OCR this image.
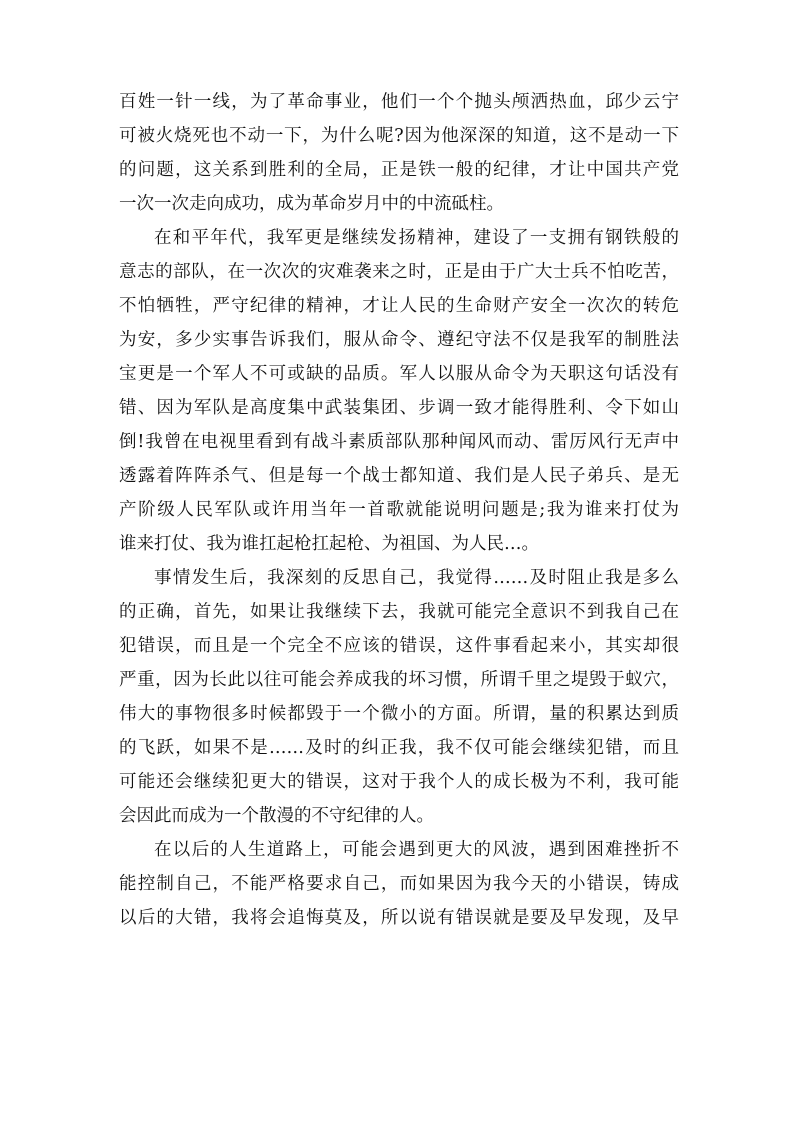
百姓一针一线，为了革命事业，他们一个个抛头颅洒热血，邱少云宁
可被火烧死也不动一下，为什么呢?因为他深深的知道，这不是动一下
的问题，这关系到胜利的全局，正是铁一般的纪律，才让中国共产党
一次一次走向成功，成为革命岁月中的中流砥柱。
在和平年代，我军更是继续发扬精神，建设了一支拥有钢铁般的
意志的部队，在一次次的灾难袭来之时，正是由于广大士兵不怕吃苦，
不怕牺牲，严守纪律的精神，才让人民的生命财产安全一次次的转危
为安，多少实事告诉我们，服从命令、遵纪守法不仅是我军的制胜法
宝更是一个军人不可或缺的品质。军人以服从命令为天职这句话没有
错、因为军队是高度集中武装集团、步调一致才能得胜利、令下如山
倒!我曾在电视里看到有战斗素质部队那种闻风而动、雷厉风行无声中
透露着阵阵杀气、但是每一个战士都知道、我们是人民子弟兵、是无
产阶级人民军队或许用当年一首歌就能说明问题是;我为谁来打仗为
谁来打仗、我为谁扛起枪扛起枪、为祖国、为人民…。
事情发生后，我深刻的反思自己，我觉得……及时阻止我是多么
的正确，首先，如果让我继续下去，我就可能完全意识不到我自己在
犯错误，而且是一个完全不应该的错误，这件事看起来小，其实却很
严重，因为长此以往可能会养成我的坏习惯，所谓千里之堤毁于蚁穴，
伟大的事物很多时候都毁于一个微小的方面。所谓，量的积累达到质
的飞跃，如果不是……及时的纠正我，我不仅可能会继续犯错，而且
可能还会继续犯更大的错误，这对于我个人的成长极为不利，我可能
会因此而成为一个散漫的不守纪律的人。
在以后的人生道路上，可能会遇到更大的风波，遇到困难挫折不
能控制自己，不能严格要求自己，而如果因为我今天的小错误，铸成
以后的大错，我将会追悔莫及，所以说有错误就是要及早发现，及早
